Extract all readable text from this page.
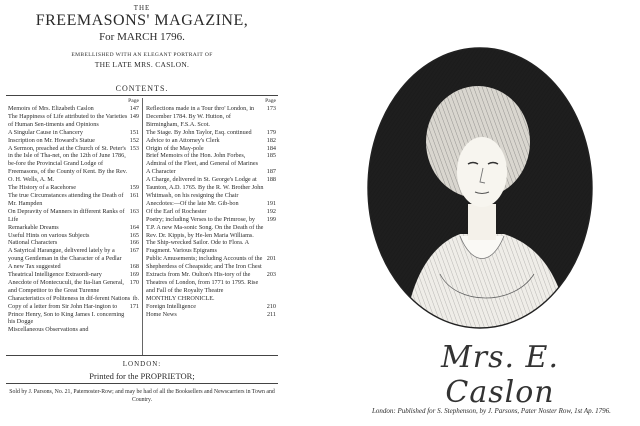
THE
FREEMASONS' MAGAZINE,
For MARCH 1796.
EMBELLISHED WITH AN ELEGANT PORTRAIT OF
THE LATE MRS. CASLON.
CONTENTS.
Page
Memoirs of Mrs. Elizabeth Caslon	147
The Happiness of Life attributed to the Varieties of Human Sen-timents and Opinions
149
A Singular Cause in Chancery	151
Inscription on Mr. Howard's Statue	152
A Sermon, preached at the Church of St. Peter's in the Isle of Tha-net, on the 12th of June 1786, be-fore the Provincial Grand Lodge of Freemasons, of the County of Kent. By the Rev. O. H. Wells, A. M.
153
The History of a Racehorse	159
The true Circumstances attending the Death of Mr. Hampden
161
On Depravity of Manners in different Ranks of Life
163
Remarkable Dreams	164
Useful Hints on various Subjects	165
National Characters	166
A Satyrical Harangue, delivered lately by a young Gentleman in the Character of a Pedlar
167
A new Tax suggested	168
Theatrical Intelligence Extraordi-nary	169
Anecdote of Montecuculi, the Ita-lian General, and Competitor to the Great Turenne
170
Characteristics of Politeness in dif-ferent Nations ib.
Copy of a letter from Sir John Har-ington to Prince Henry, Son to King James I. concerning his Dogge
171
Miscellaneous Observations and
Page
Reflections made in a Tour thro' London, in December 1784. By W. Hutton, of Birmingham, F.S.A. Scot.
173
The Stage. By John Taylor, Esq. continued	179
Advice to an Attorney's Clerk	182
Origin of the May-pole	184
Brief Memoirs of the Hon. John Forbes, Admiral of the Fleet, and General of Marines
185
A Character	187
A Charge, delivered in St. George's Lodge at Taunton, A.D. 1765. By the R. W. Brother John Whitmash, on his resigning the Chair
188
Anecdotes:—Of the late Mr. Gib-bon	191
Of the Earl of Rochester	192
Poetry; including Verses to the Primrose, by T.P. A new Ma-sonic Song. On the Death of the Rev. Dr. Kippis, by He-len Maria Williams. The Ship-wrecked Sailor. Ode to Flora. A Fragment. Various Epigrams
199
Public Amusements; including Accounts of the Shepherdess of Cheapside; and The Iron Chest
201
Extracts from Mr. Oulton's His-tory of the Theatres of London, from 1771 to 1795. Rise and Fall of the Royalty Theatre
203
MONTHLY CHRONICLE.
Foreign Intelligence	210
Home News	211
LONDON:
Printed for the PROPRIETOR;
Sold by J. Parsons, No. 21, Paternoster-Row; and may be had of all the Booksellers and Newscarriers in Town and Country.
Mrs. E. Caslon
London: Published for S. Stephenson, by J. Parsons, Pater Noster Row, 1st Ap. 1796.
